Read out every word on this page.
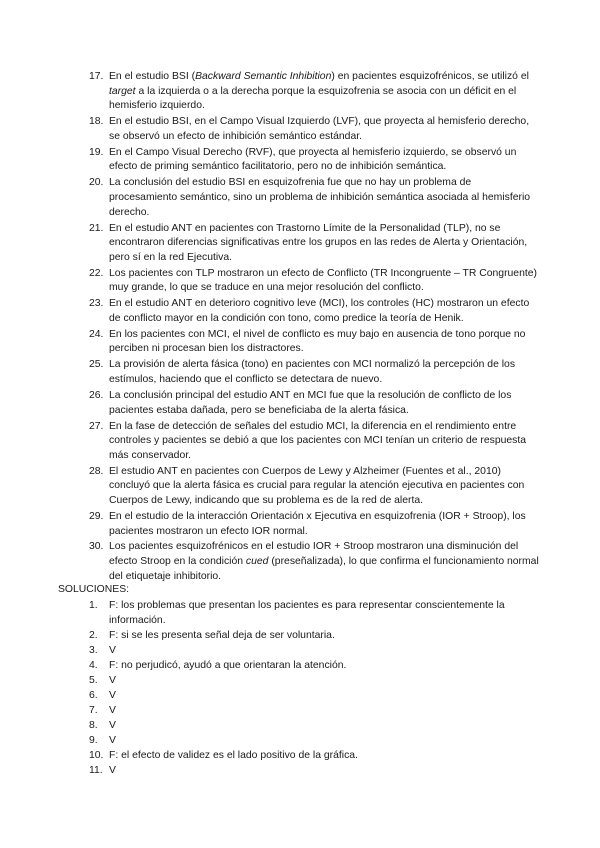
17. En el estudio BSI (Backward Semantic Inhibition) en pacientes esquizofrénicos, se utilizó el target a la izquierda o a la derecha porque la esquizofrenia se asocia con un déficit en el hemisferio izquierdo.
18. En el estudio BSI, en el Campo Visual Izquierdo (LVF), que proyecta al hemisferio derecho, se observó un efecto de inhibición semántico estándar.
19. En el Campo Visual Derecho (RVF), que proyecta al hemisferio izquierdo, se observó un efecto de priming semántico facilitatorio, pero no de inhibición semántica.
20. La conclusión del estudio BSI en esquizofrenia fue que no hay un problema de procesamiento semántico, sino un problema de inhibición semántica asociada al hemisferio derecho.
21. En el estudio ANT en pacientes con Trastorno Límite de la Personalidad (TLP), no se encontraron diferencias significativas entre los grupos en las redes de Alerta y Orientación, pero sí en la red Ejecutiva.
22. Los pacientes con TLP mostraron un efecto de Conflicto (TR Incongruente – TR Congruente) muy grande, lo que se traduce en una mejor resolución del conflicto.
23. En el estudio ANT en deterioro cognitivo leve (MCI), los controles (HC) mostraron un efecto de conflicto mayor en la condición con tono, como predice la teoría de Henik.
24. En los pacientes con MCI, el nivel de conflicto es muy bajo en ausencia de tono porque no perciben ni procesan bien los distractores.
25. La provisión de alerta fásica (tono) en pacientes con MCI normalizó la percepción de los estímulos, haciendo que el conflicto se detectara de nuevo.
26. La conclusión principal del estudio ANT en MCI fue que la resolución de conflicto de los pacientes estaba dañada, pero se beneficiaba de la alerta fásica.
27. En la fase de detección de señales del estudio MCI, la diferencia en el rendimiento entre controles y pacientes se debió a que los pacientes con MCI tenían un criterio de respuesta más conservador.
28. El estudio ANT en pacientes con Cuerpos de Lewy y Alzheimer (Fuentes et al., 2010) concluyó que la alerta fásica es crucial para regular la atención ejecutiva en pacientes con Cuerpos de Lewy, indicando que su problema es de la red de alerta.
29. En el estudio de la interacción Orientación x Ejecutiva en esquizofrenia (IOR + Stroop), los pacientes mostraron un efecto IOR normal.
30. Los pacientes esquizofrénicos en el estudio IOR + Stroop mostraron una disminución del efecto Stroop en la condición cued (preseñalizada), lo que confirma el funcionamiento normal del etiquetaje inhibitorio.
SOLUCIONES:
1. F: los problemas que presentan los pacientes es para representar conscientemente la información.
2. F: si se les presenta señal deja de ser voluntaria.
3. V
4. F: no perjudicó, ayudó a que orientaran la atención.
5. V
6. V
7. V
8. V
9. V
10. F: el efecto de validez es el lado positivo de la gráfica.
11. V
